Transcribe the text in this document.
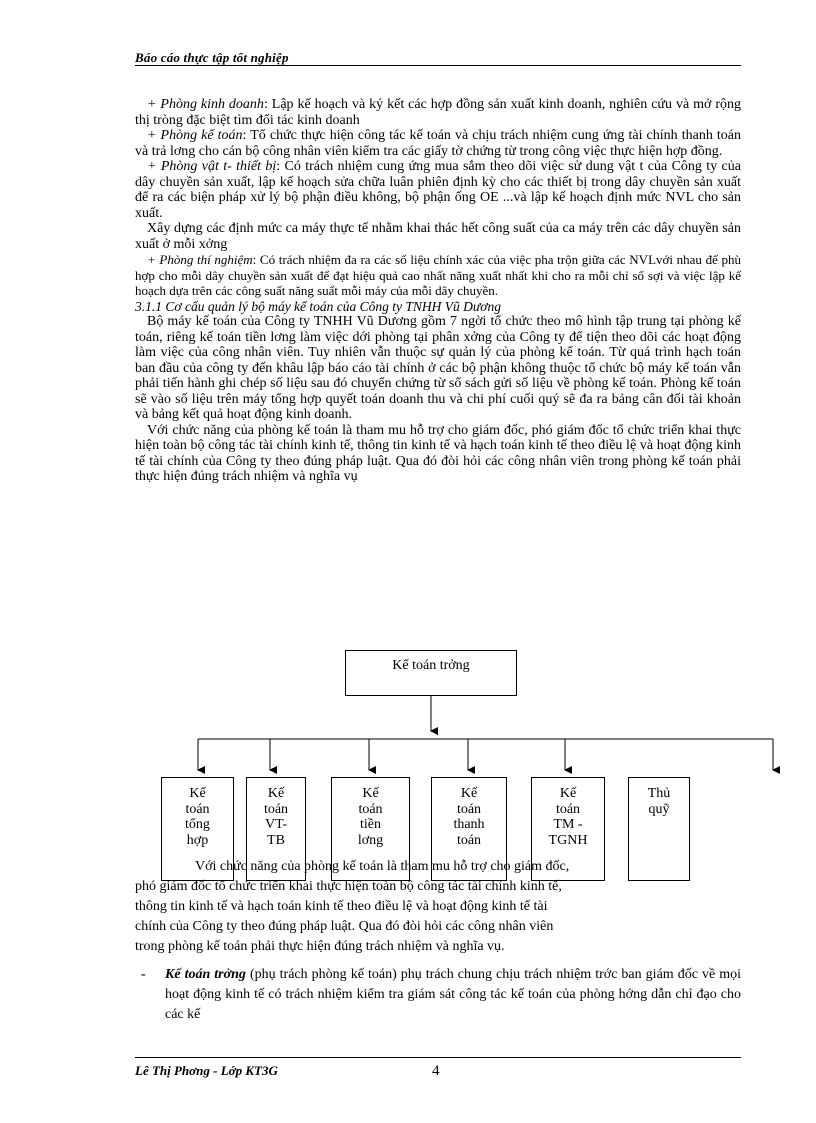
Báo cáo thực tập tốt nghiệp

+ Phòng kinh doanh: Lập kế hoạch và ký kết các hợp đồng sản xuất kinh doanh, nghiên cứu và mở rộng thị tròng đặc biệt tìm đối tác kinh doanh

+ Phòng kế toán: Tổ chức thực hiện công tác kế toán và chịu trách nhiệm cung ứng tài chính thanh toán và trả lơng cho cán bộ công nhân viên kiểm tra các giấy tờ chứng từ trong công việc thực hiện hợp đồng.

+ Phòng vật t- thiết bị: Có trách nhiệm cung ứng mua sắm theo dõi việc sử dung vật t của Công ty của dây chuyền sản xuất, lập kế hoạch sửa chữa luân phiên định kỳ cho các thiết bị trong dây chuyền sản xuất để ra các biện pháp xử lý bộ phận điều không, bộ phận ống OE ...và lập kế hoạch định mức NVL cho sản xuất.

Xây dựng các định mức ca máy thực tế nhằm khai thác hết công suất của ca máy trên các dây chuyền sản xuất ở mỗi xởng

+ Phòng thí nghiệm: Có trách nhiệm đa ra các số liệu chính xác của việc pha trộn giữa các NVLvới nhau để phù hợp cho mỗi dây chuyền sản xuất để đạt hiệu quả cao nhất năng xuất nhất khi cho ra mỗi chỉ số sợi và việc lập kế hoạch dựa trên các công suất năng suất mỗi máy của mỗi dây chuyền.

3.1.1 Cơ cấu quản lý bộ máy kế toán của Công ty TNHH Vũ Dương

Bộ máy kế toán của Công ty TNHH Vũ Dương gồm 7 ngời tổ chức theo mô hình tập trung tại phòng kế toán, riêng kế toán tiền lơng làm việc dới phòng tại phân xởng của Công ty để tiện theo dõi các hoạt động làm việc của công nhân viên. Tuy nhiên vẫn thuộc sự quản lý của phòng kế toán. Từ quá trình hạch toán ban đầu của công ty đến khâu lập báo cáo tài chính ở các bộ phận không thuộc tổ chức bộ máy kế toán vẫn phải tiến hành ghi chép số liệu sau đó chuyển chứng từ sổ sách gửi số liệu về phòng kế toán. Phòng kế toán sẽ vào số liệu trên máy tổng hợp quyết toán doanh thu và chi phí cuối quý sẽ đa ra bảng cân đối tài khoản và bảng kết quả hoạt động kinh doanh.

Với chức năng của phòng kế toán là tham mu hỗ trợ cho giám đốc, phó giám đốc tổ chức triển khai thực hiện toàn bộ công tác tài chính kinh tế, thông tin kinh tế và hạch toán kinh tế theo điều lệ và hoạt động kinh tế tài chính của Công ty theo đúng pháp luật. Qua đó đòi hỏi các công nhân viên trong phòng kế toán phải thực hiện đúng trách nhiệm và nghĩa vụ

Kế toán trởng
Kế
toán
tổng
hợp
Kế
toán
VT-
TB
Kế
toán
tiền
lơng
Kế
toán
thanh
toán
Kế
toán
TM -
TGNH
Thủ
quỹ
Với chức năng của phòng kế toán là tham mu hỗ trợ cho giám đốc,
phó giám đốc tổ chức triển khai thực hiện toàn bộ công tác tài chính kinh tế,
thông tin kinh tế và hạch toán kinh tế theo điều lệ và hoạt động kinh tế tài
chính của Công ty theo đúng pháp luật. Qua đó đòi hỏi các công nhân viên
trong phòng kế toán phải thực hiện đúng trách nhiệm và nghĩa vụ.
- Kế toán trởng (phụ trách phòng kế toán) phụ trách chung chịu trách nhiệm trớc ban giám đốc về mọi hoạt động kinh tế có trách nhiệm kiểm tra giám sát công tác kế toán của phòng hớng dẫn chỉ đạo cho các kế
Lê Thị Phơng - Lớp KT3G	4
